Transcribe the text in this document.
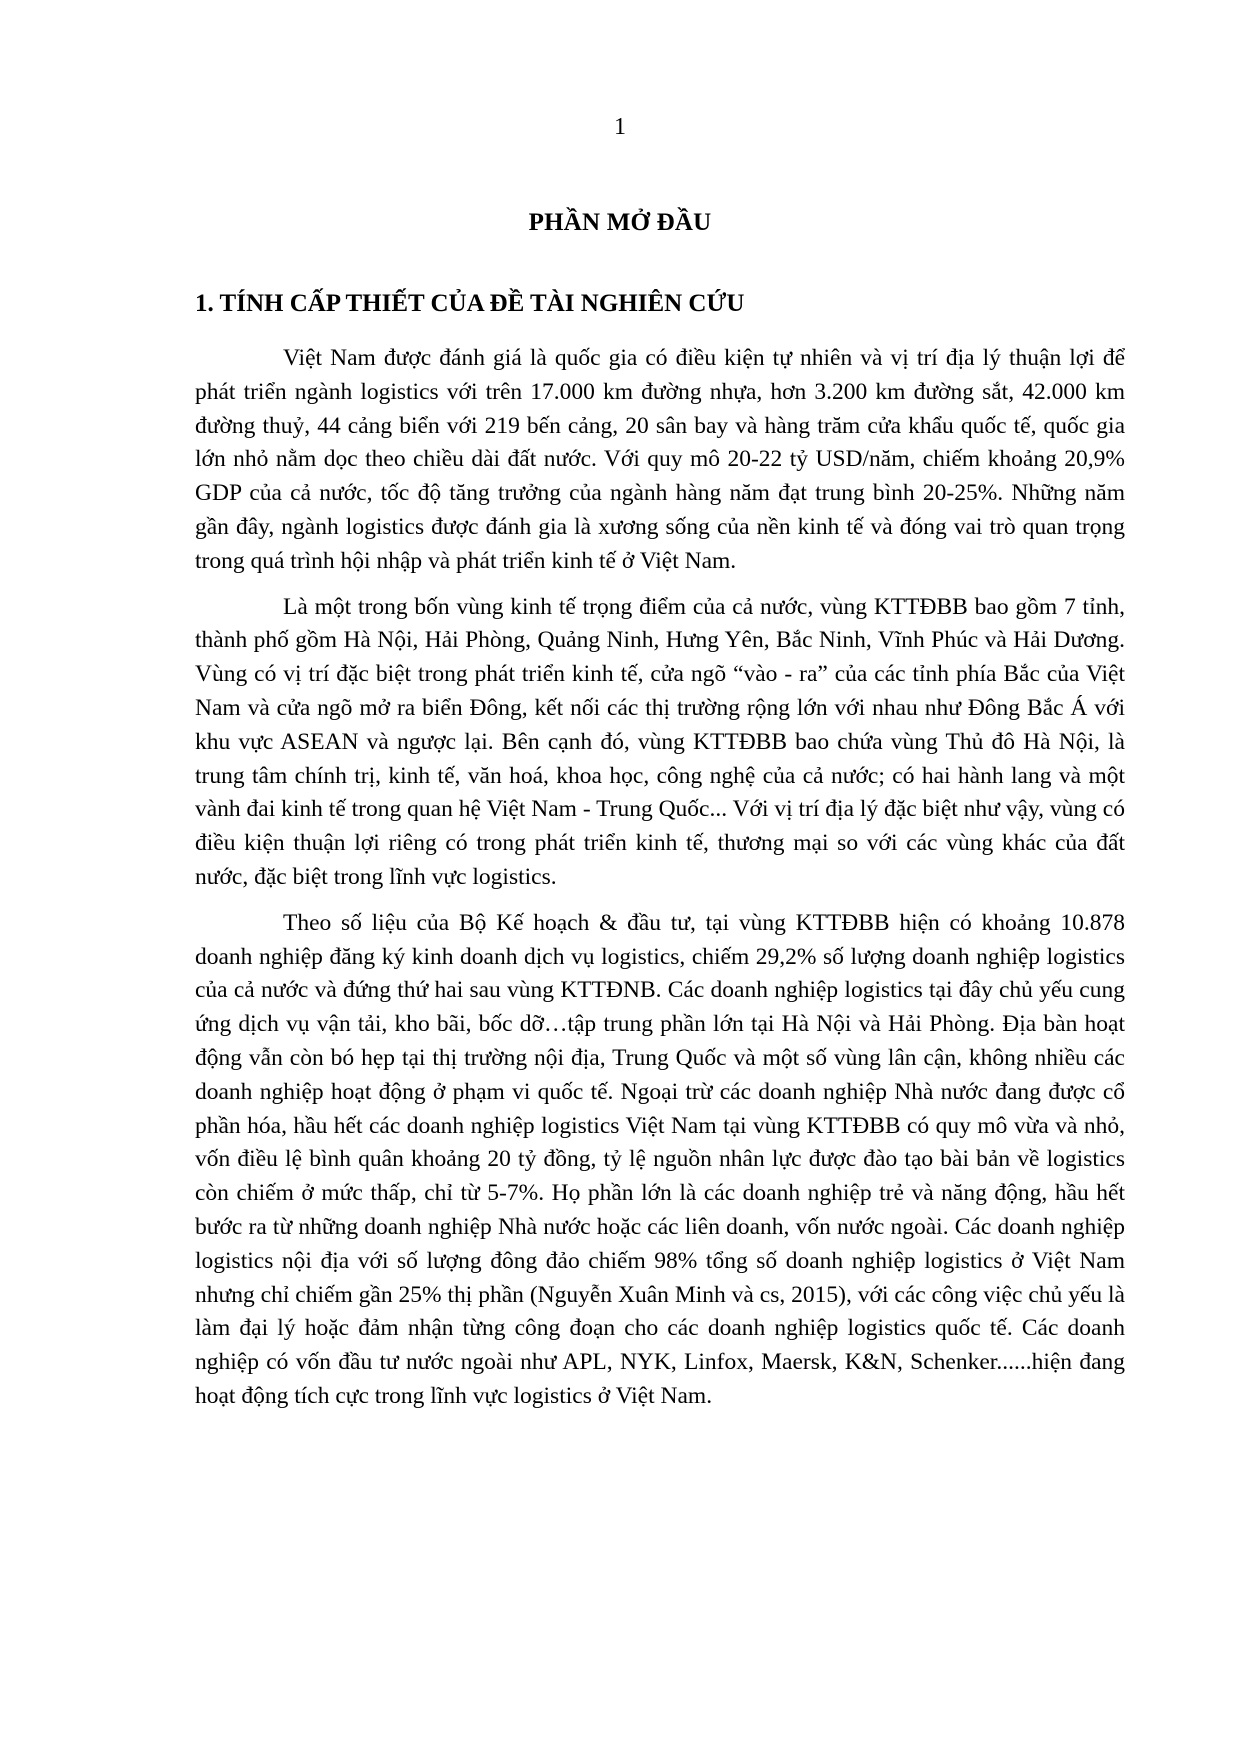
1
PHẦN MỞ ĐẦU
1. TÍNH CẤP THIẾT CỦA ĐỀ TÀI NGHIÊN CỨU

Việt Nam được đánh giá là quốc gia có điều kiện tự nhiên và vị trí địa lý thuận lợi để phát triển ngành logistics với trên 17.000 km đường nhựa, hơn 3.200 km đường sắt, 42.000 km đường thuỷ, 44 cảng biển với 219 bến cảng, 20 sân bay và hàng trăm cửa khẩu quốc tế, quốc gia lớn nhỏ nằm dọc theo chiều dài đất nước. Với quy mô 20-22 tỷ USD/năm, chiếm khoảng 20,9% GDP của cả nước, tốc độ tăng trưởng của ngành hàng năm đạt trung bình 20-25%. Những năm gần đây, ngành logistics được đánh gia là xương sống của nền kinh tế và đóng vai trò quan trọng trong quá trình hội nhập và phát triển kinh tế ở Việt Nam.

Là một trong bốn vùng kinh tế trọng điểm của cả nước, vùng KTTĐBB bao gồm 7 tỉnh, thành phố gồm Hà Nội, Hải Phòng, Quảng Ninh, Hưng Yên, Bắc Ninh, Vĩnh Phúc và Hải Dương. Vùng có vị trí đặc biệt trong phát triển kinh tế, cửa ngõ “vào - ra” của các tỉnh phía Bắc của Việt Nam và cửa ngõ mở ra biển Đông, kết nối các thị trường rộng lớn với nhau như Đông Bắc Á với khu vực ASEAN và ngược lại. Bên cạnh đó, vùng KTTĐBB bao chứa vùng Thủ đô Hà Nội, là trung tâm chính trị, kinh tế, văn hoá, khoa học, công nghệ của cả nước; có hai hành lang và một vành đai kinh tế trong quan hệ Việt Nam - Trung Quốc... Với vị trí địa lý đặc biệt như vậy, vùng có điều kiện thuận lợi riêng có trong phát triển kinh tế, thương mại so với các vùng khác của đất nước, đặc biệt trong lĩnh vực logistics.

Theo số liệu của Bộ Kế hoạch & đầu tư, tại vùng KTTĐBB hiện có khoảng 10.878 doanh nghiệp đăng ký kinh doanh dịch vụ logistics, chiếm 29,2% số lượng doanh nghiệp logistics của cả nước và đứng thứ hai sau vùng KTTĐNB. Các doanh nghiệp logistics tại đây chủ yếu cung ứng dịch vụ vận tải, kho bãi, bốc dỡ…tập trung phần lớn tại Hà Nội và Hải Phòng. Địa bàn hoạt động vẫn còn bó hẹp tại thị trường nội địa, Trung Quốc và một số vùng lân cận, không nhiều các doanh nghiệp hoạt động ở phạm vi quốc tế. Ngoại trừ các doanh nghiệp Nhà nước đang được cổ phần hóa, hầu hết các doanh nghiệp logistics Việt Nam tại vùng KTTĐBB có quy mô vừa và nhỏ, vốn điều lệ bình quân khoảng 20 tỷ đồng, tỷ lệ nguồn nhân lực được đào tạo bài bản về logistics còn chiếm ở mức thấp, chỉ từ 5-7%. Họ phần lớn là các doanh nghiệp trẻ và năng động, hầu hết bước ra từ những doanh nghiệp Nhà nước hoặc các liên doanh, vốn nước ngoài. Các doanh nghiệp logistics nội địa với số lượng đông đảo chiếm 98% tổng số doanh nghiệp logistics ở Việt Nam nhưng chỉ chiếm gần 25% thị phần (Nguyễn Xuân Minh và cs, 2015), với các công việc chủ yếu là làm đại lý hoặc đảm nhận từng công đoạn cho các doanh nghiệp logistics quốc tế. Các doanh nghiệp có vốn đầu tư nước ngoài như APL, NYK, Linfox, Maersk, K&N, Schenker......hiện đang hoạt động tích cực trong lĩnh vực logistics ở Việt Nam.
